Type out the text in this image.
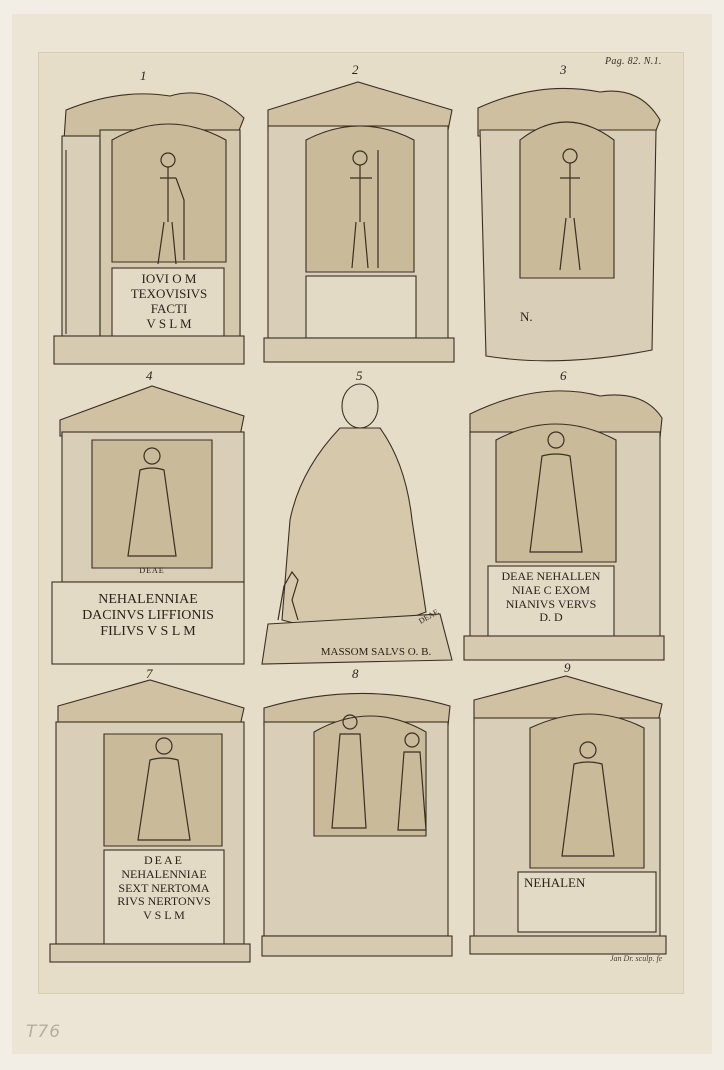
Pag. 82. N.1.
1	2	3
4	5	6
7	8	9
IOVI O M
TEXOVISIVS
FACTI
V S L M	N.
DEAE
NEHALENNIAE
DACINVS LIFFIONIS
FILIVS V S L M
DEAE
MASSOM SALVS O. B.
DEAE NEHALLEN
NIAE C EXOM
NIANIVS VERVS
D. D
DEAE
NEHALENNIAE
SEXT NERTOMA
RIVS NERTONVS
V S L M
NEHALEN
Jan Dr. sculp. fe
T76
